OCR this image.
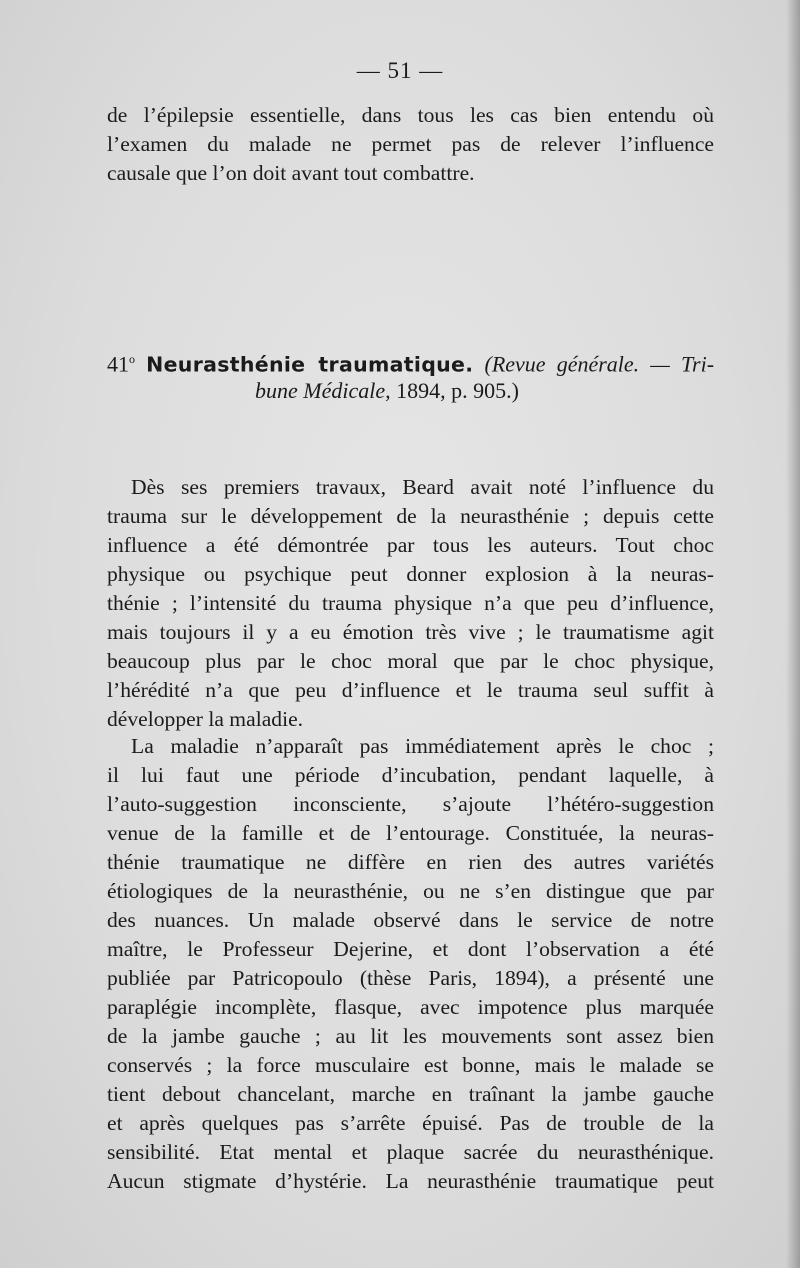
— 51 —
de l’épilepsie essentielle, dans tous les cas bien entendu où
l’examen du malade ne permet pas de relever l’influence
causale que l’on doit avant tout combattre.
41$^o$ Neurasthénie traumatique. (Revue générale. — Tri-
bune Médicale, 1894, p. 905.)
Dès ses premiers travaux, Beard avait noté l’influence du
trauma sur le développement de la neurasthénie ; depuis cette
influence a été démontrée par tous les auteurs. Tout choc
physique ou psychique peut donner explosion à la neuras-
thénie ; l’intensité du trauma physique n’a que peu d’influence,
mais toujours il y a eu émotion très vive ; le traumatisme agit
beaucoup plus par le choc moral que par le choc physique,
l’hérédité n’a que peu d’influence et le trauma seul suffit à
développer la maladie.
La maladie n’apparaît pas immédiatement après le choc ;
il lui faut une période d’incubation, pendant laquelle, à
l’auto-suggestion inconsciente, s’ajoute l’hétéro-suggestion
venue de la famille et de l’entourage. Constituée, la neuras-
thénie traumatique ne diffère en rien des autres variétés
étiologiques de la neurasthénie, ou ne s’en distingue que par
des nuances. Un malade observé dans le service de notre
maître, le Professeur Dejerine, et dont l’observation a été
publiée par Patricopoulo (thèse Paris, 1894), a présenté une
paraplégie incomplète, flasque, avec impotence plus marquée
de la jambe gauche ; au lit les mouvements sont assez bien
conservés ; la force musculaire est bonne, mais le malade se
tient debout chancelant, marche en traînant la jambe gauche
et après quelques pas s’arrête épuisé. Pas de trouble de la
sensibilité. Etat mental et plaque sacrée du neurasthénique.
Aucun stigmate d’hystérie. La neurasthénie traumatique peut
